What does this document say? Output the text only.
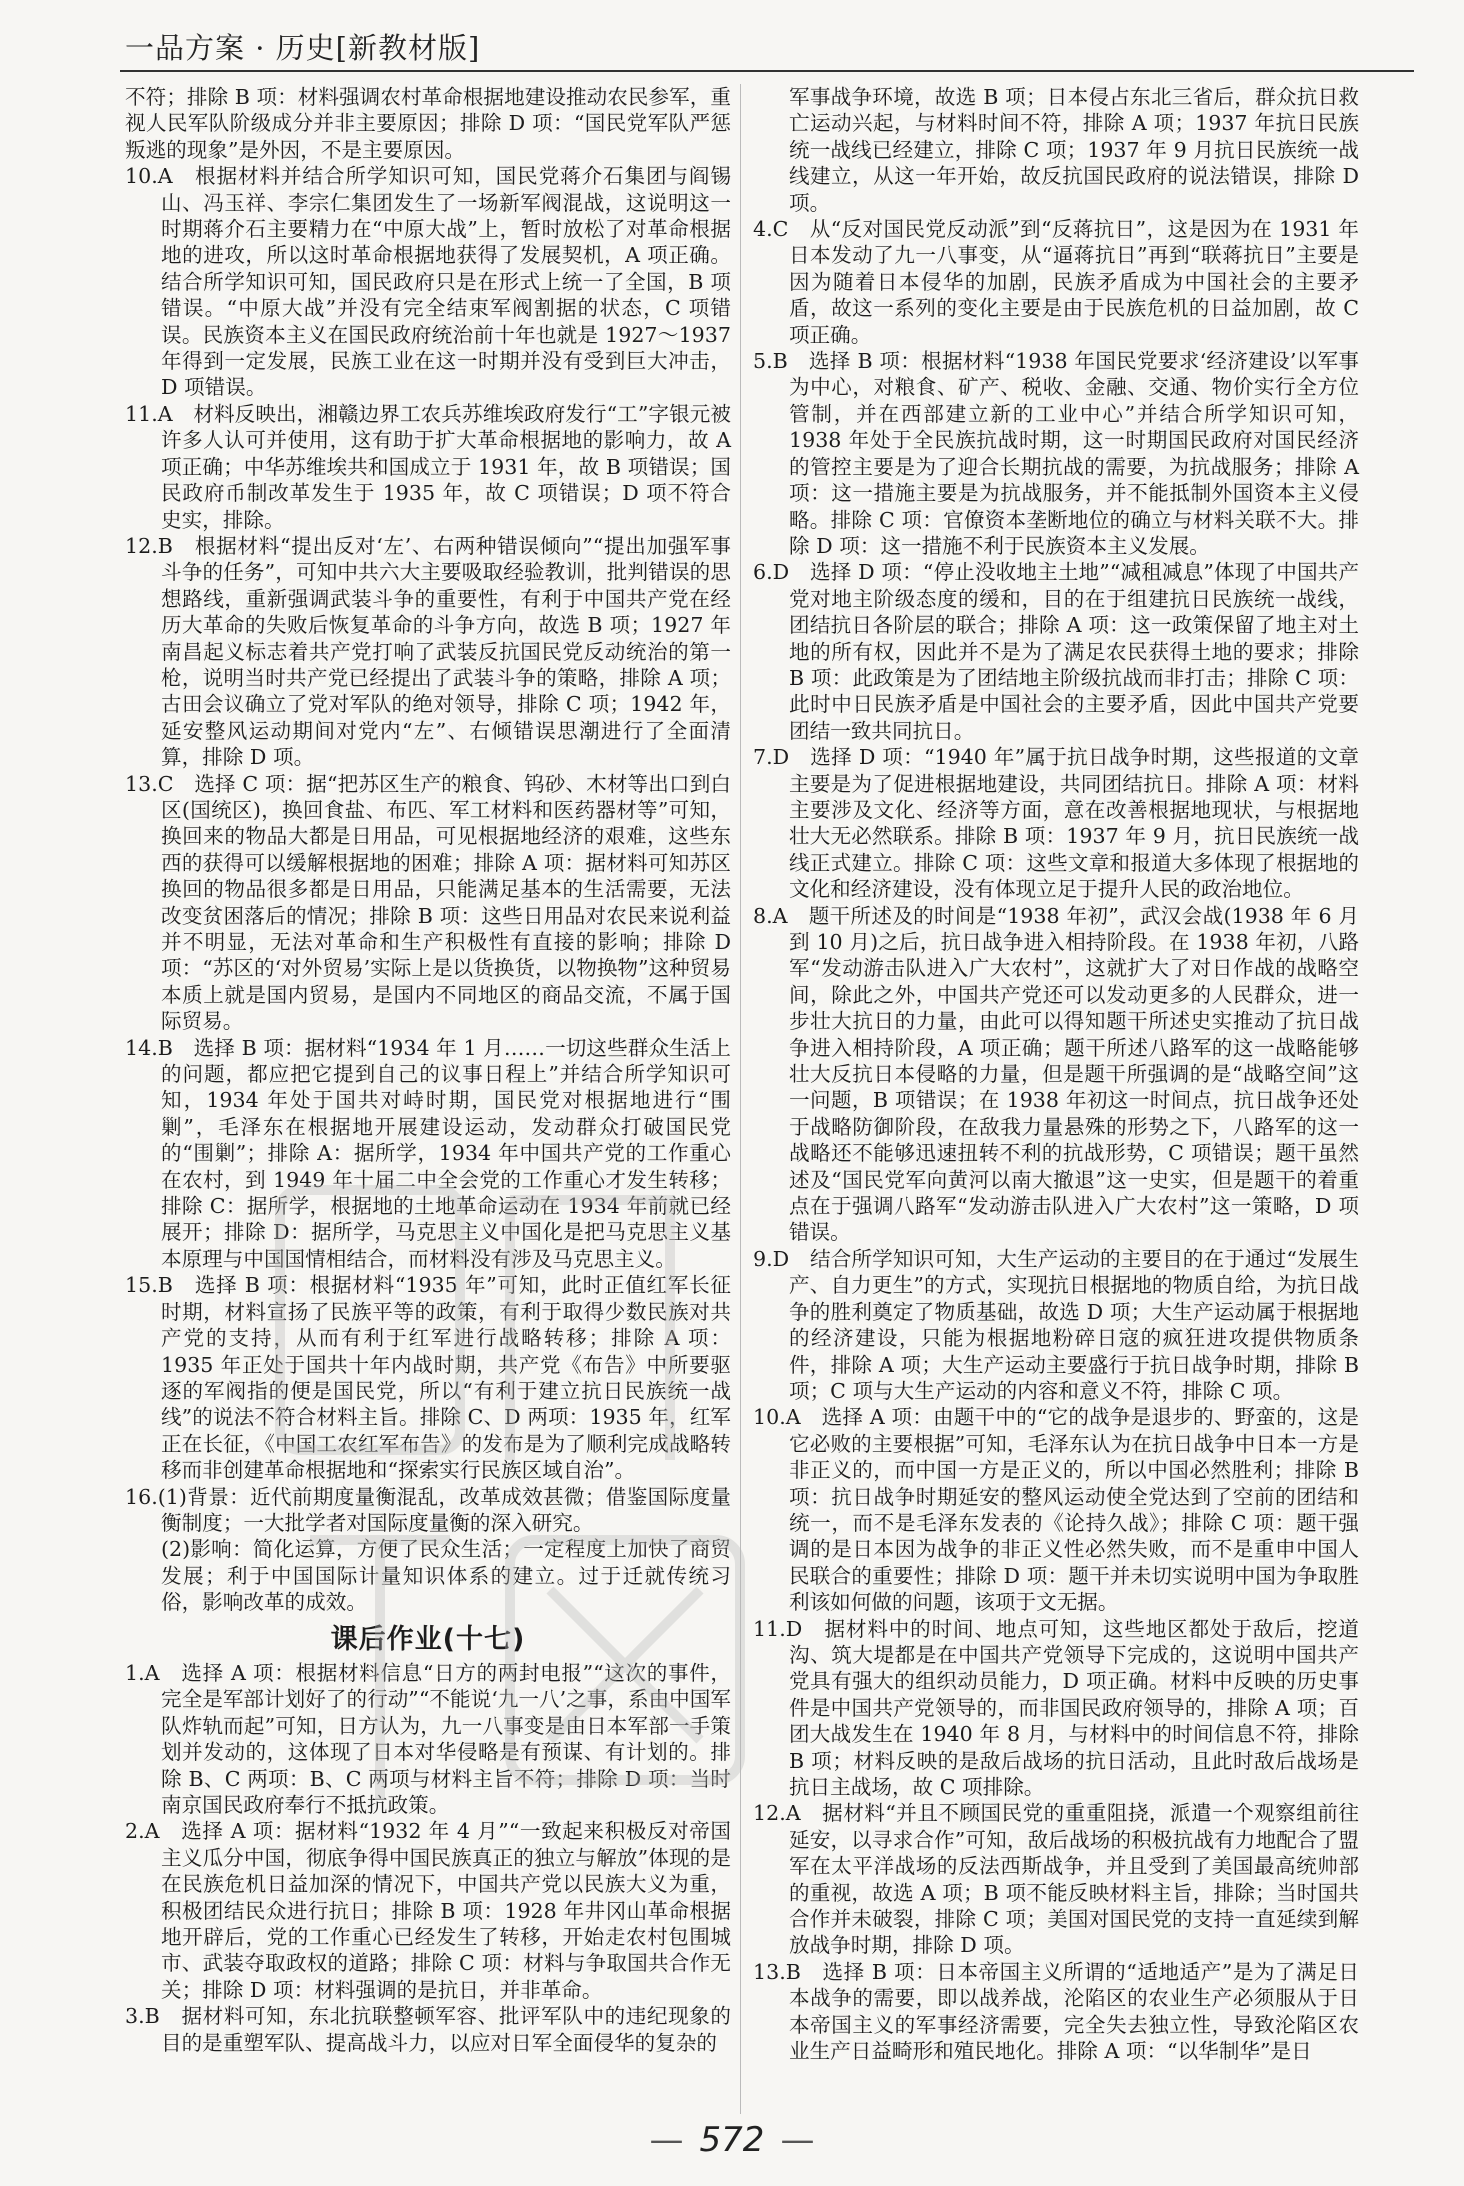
一品方案 · 历史[新教材版]

不符；排除 B 项：材料强调农村革命根据地建设推动农民参军，重视人民军队阶级成分并非主要原因；排除 D 项：“国民党军队严惩叛逃的现象”是外因，不是主要原因。

10.A　根据材料并结合所学知识可知，国民党蒋介石集团与阎锡山、冯玉祥、李宗仁集团发生了一场新军阀混战，这说明这一时期蒋介石主要精力在“中原大战”上，暂时放松了对革命根据地的进攻，所以这时革命根据地获得了发展契机，A 项正确。结合所学知识可知，国民政府只是在形式上统一了全国，B 项错误。“中原大战”并没有完全结束军阀割据的状态，C 项错误。民族资本主义在国民政府统治前十年也就是 1927～1937 年得到一定发展，民族工业在这一时期并没有受到巨大冲击，D 项错误。

11.A　材料反映出，湘赣边界工农兵苏维埃政府发行“工”字银元被许多人认可并使用，这有助于扩大革命根据地的影响力，故 A 项正确；中华苏维埃共和国成立于 1931 年，故 B 项错误；国民政府币制改革发生于 1935 年，故 C 项错误；D 项不符合史实，排除。

12.B　根据材料“提出反对‘左’、右两种错误倾向”“提出加强军事斗争的任务”，可知中共六大主要吸取经验教训，批判错误的思想路线，重新强调武装斗争的重要性，有利于中国共产党在经历大革命的失败后恢复革命的斗争方向，故选 B 项；1927 年南昌起义标志着共产党打响了武装反抗国民党反动统治的第一枪，说明当时共产党已经提出了武装斗争的策略，排除 A 项；古田会议确立了党对军队的绝对领导，排除 C 项；1942 年，延安整风运动期间对党内“左”、右倾错误思潮进行了全面清算，排除 D 项。

13.C　选择 C 项：据“把苏区生产的粮食、钨砂、木材等出口到白区(国统区)，换回食盐、布匹、军工材料和医药器材等”可知，换回来的物品大都是日用品，可见根据地经济的艰难，这些东西的获得可以缓解根据地的困难；排除 A 项：据材料可知苏区换回的物品很多都是日用品，只能满足基本的生活需要，无法改变贫困落后的情况；排除 B 项：这些日用品对农民来说利益并不明显，无法对革命和生产积极性有直接的影响；排除 D 项：“苏区的‘对外贸易’实际上是以货换货，以物换物”这种贸易本质上就是国内贸易，是国内不同地区的商品交流，不属于国际贸易。

14.B　选择 B 项：据材料“1934 年 1 月……一切这些群众生活上的问题，都应把它提到自己的议事日程上”并结合所学知识可知，1934 年处于国共对峙时期，国民党对根据地进行“围剿”，毛泽东在根据地开展建设运动，发动群众打破国民党的“围剿”；排除 A：据所学，1934 年中国共产党的工作重心在农村，到 1949 年十届二中全会党的工作重心才发生转移；排除 C：据所学，根据地的土地革命运动在 1934 年前就已经展开；排除 D：据所学，马克思主义中国化是把马克思主义基本原理与中国国情相结合，而材料没有涉及马克思主义。

15.B　选择 B 项：根据材料“1935 年”可知，此时正值红军长征时期，材料宣扬了民族平等的政策，有利于取得少数民族对共产党的支持，从而有利于红军进行战略转移；排除 A 项：1935 年正处于国共十年内战时期，共产党《布告》中所要驱逐的军阀指的便是国民党，所以“有利于建立抗日民族统一战线”的说法不符合材料主旨。排除 C、D 两项：1935 年，红军正在长征，《中国工农红军布告》的发布是为了顺利完成战略转移而非创建革命根据地和“探索实行民族区域自治”。

16.(1)背景：近代前期度量衡混乱，改革成效甚微；借鉴国际度量衡制度；一大批学者对国际度量衡的深入研究。

(2)影响：简化运算，方便了民众生活；一定程度上加快了商贸发展；利于中国国际计量知识体系的建立。过于迁就传统习俗，影响改革的成效。

课后作业(十七)

1.A　选择 A 项：根据材料信息“日方的两封电报”“这次的事件，完全是军部计划好了的行动”“不能说‘九一八’之事，系由中国军队炸轨而起”可知，日方认为，九一八事变是由日本军部一手策划并发动的，这体现了日本对华侵略是有预谋、有计划的。排除 B、C 两项：B、C 两项与材料主旨不符；排除 D 项：当时南京国民政府奉行不抵抗政策。

2.A　选择 A 项：据材料“1932 年 4 月”“一致起来积极反对帝国主义瓜分中国，彻底争得中国民族真正的独立与解放”体现的是在民族危机日益加深的情况下，中国共产党以民族大义为重，积极团结民众进行抗日；排除 B 项：1928 年井冈山革命根据地开辟后，党的工作重心已经发生了转移，开始走农村包围城市、武装夺取政权的道路；排除 C 项：材料与争取国共合作无关；排除 D 项：材料强调的是抗日，并非革命。

3.B　据材料可知，东北抗联整顿军容、批评军队中的违纪现象的目的是重塑军队、提高战斗力，以应对日军全面侵华的复杂的

军事战争环境，故选 B 项；日本侵占东北三省后，群众抗日救亡运动兴起，与材料时间不符，排除 A 项；1937 年抗日民族统一战线已经建立，排除 C 项；1937 年 9 月抗日民族统一战线建立，从这一年开始，故反抗国民政府的说法错误，排除 D 项。

4.C　从“反对国民党反动派”到“反蒋抗日”，这是因为在 1931 年日本发动了九一八事变，从“逼蒋抗日”再到“联蒋抗日”主要是因为随着日本侵华的加剧，民族矛盾成为中国社会的主要矛盾，故这一系列的变化主要是由于民族危机的日益加剧，故 C 项正确。

5.B　选择 B 项：根据材料“1938 年国民党要求‘经济建设’以军事为中心，对粮食、矿产、税收、金融、交通、物价实行全方位管制，并在西部建立新的工业中心”并结合所学知识可知，1938 年处于全民族抗战时期，这一时期国民政府对国民经济的管控主要是为了迎合长期抗战的需要，为抗战服务；排除 A 项：这一措施主要是为抗战服务，并不能抵制外国资本主义侵略。排除 C 项：官僚资本垄断地位的确立与材料关联不大。排除 D 项：这一措施不利于民族资本主义发展。

6.D　选择 D 项：“停止没收地主土地”“减租减息”体现了中国共产党对地主阶级态度的缓和，目的在于组建抗日民族统一战线，团结抗日各阶层的联合；排除 A 项：这一政策保留了地主对土地的所有权，因此并不是为了满足农民获得土地的要求；排除 B 项：此政策是为了团结地主阶级抗战而非打击；排除 C 项：此时中日民族矛盾是中国社会的主要矛盾，因此中国共产党要团结一致共同抗日。

7.D　选择 D 项：“1940 年”属于抗日战争时期，这些报道的文章主要是为了促进根据地建设，共同团结抗日。排除 A 项：材料主要涉及文化、经济等方面，意在改善根据地现状，与根据地壮大无必然联系。排除 B 项：1937 年 9 月，抗日民族统一战线正式建立。排除 C 项：这些文章和报道大多体现了根据地的文化和经济建设，没有体现立足于提升人民的政治地位。

8.A　题干所述及的时间是“1938 年初”，武汉会战(1938 年 6 月到 10 月)之后，抗日战争进入相持阶段。在 1938 年初，八路军“发动游击队进入广大农村”，这就扩大了对日作战的战略空间，除此之外，中国共产党还可以发动更多的人民群众，进一步壮大抗日的力量，由此可以得知题干所述史实推动了抗日战争进入相持阶段，A 项正确；题干所述八路军的这一战略能够壮大反抗日本侵略的力量，但是题干所强调的是“战略空间”这一问题，B 项错误；在 1938 年初这一时间点，抗日战争还处于战略防御阶段，在敌我力量悬殊的形势之下，八路军的这一战略还不能够迅速扭转不利的抗战形势，C 项错误；题干虽然述及“国民党军向黄河以南大撤退”这一史实，但是题干的着重点在于强调八路军“发动游击队进入广大农村”这一策略，D 项错误。

9.D　结合所学知识可知，大生产运动的主要目的在于通过“发展生产、自力更生”的方式，实现抗日根据地的物质自给，为抗日战争的胜利奠定了物质基础，故选 D 项；大生产运动属于根据地的经济建设，只能为根据地粉碎日寇的疯狂进攻提供物质条件，排除 A 项；大生产运动主要盛行于抗日战争时期，排除 B 项；C 项与大生产运动的内容和意义不符，排除 C 项。

10.A　选择 A 项：由题干中的“它的战争是退步的、野蛮的，这是它必败的主要根据”可知，毛泽东认为在抗日战争中日本一方是非正义的，而中国一方是正义的，所以中国必然胜利；排除 B 项：抗日战争时期延安的整风运动使全党达到了空前的团结和统一，而不是毛泽东发表的《论持久战》；排除 C 项：题干强调的是日本因为战争的非正义性必然失败，而不是重申中国人民联合的重要性；排除 D 项：题干并未切实说明中国为争取胜利该如何做的问题，该项于文无据。

11.D　据材料中的时间、地点可知，这些地区都处于敌后，挖道沟、筑大堤都是在中国共产党领导下完成的，这说明中国共产党具有强大的组织动员能力，D 项正确。材料中反映的历史事件是中国共产党领导的，而非国民政府领导的，排除 A 项；百团大战发生在 1940 年 8 月，与材料中的时间信息不符，排除 B 项；材料反映的是敌后战场的抗日活动，且此时敌后战场是抗日主战场，故 C 项排除。

12.A　据材料“并且不顾国民党的重重阻挠，派遣一个观察组前往延安，以寻求合作”可知，敌后战场的积极抗战有力地配合了盟军在太平洋战场的反法西斯战争，并且受到了美国最高统帅部的重视，故选 A 项；B 项不能反映材料主旨，排除；当时国共合作并未破裂，排除 C 项；美国对国民党的支持一直延续到解放战争时期，排除 D 项。

13.B　选择 B 项：日本帝国主义所谓的“适地适产”是为了满足日本战争的需要，即以战养战，沦陷区的农业生产必须服从于日本帝国主义的军事经济需要，完全失去独立性，导致沦陷区农业生产日益畸形和殖民地化。排除 A 项：“以华制华”是日

— 572 —
